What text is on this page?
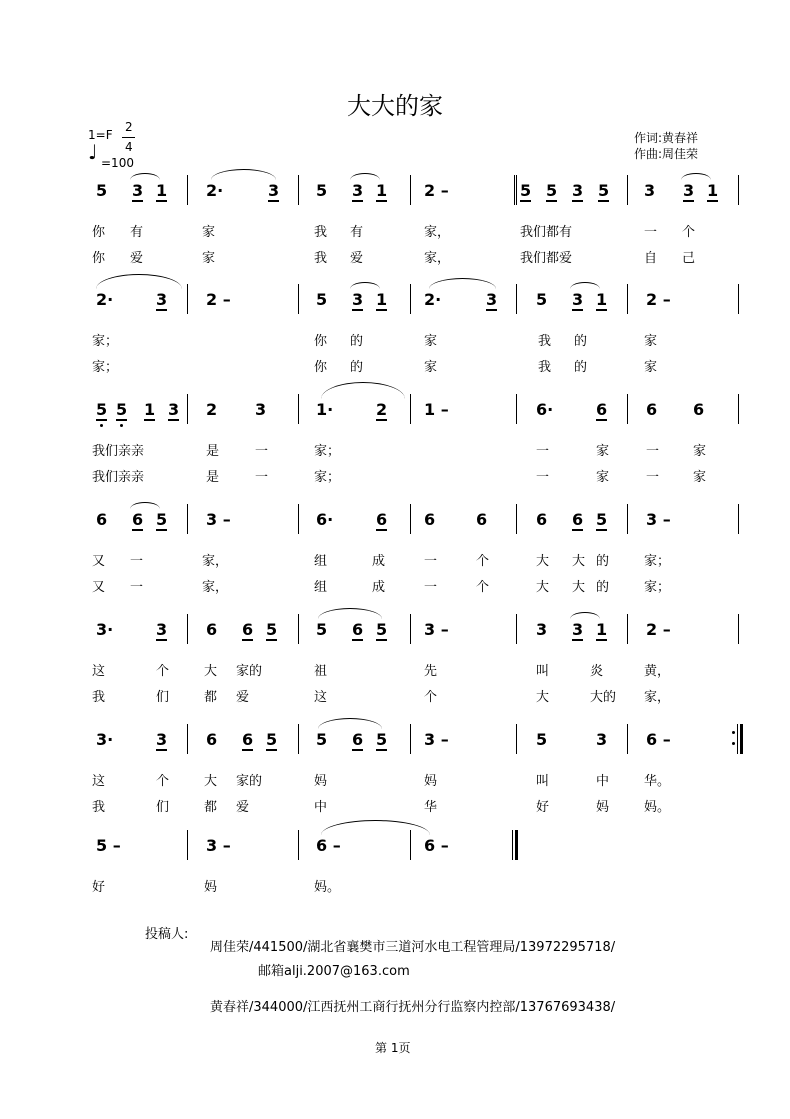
大大的家
1=F
2
4
♩ =100
作词:黄春祥
作曲:周佳荣
5 3 1 2·	3 5 3 1 2 –	5 5 3 5 3 3 1
你 有	家	我 有	家，	我们都有	一 个
你 爱	家	我 爱	家，	我们都爱	自 己
2·	3 2 –	5 3 1 2·	3 5 3 1 2 –
家；	你 的	家	我 的	家
家；	你 的	家	我 的	家
5 5 1 3 2 3	1·	2 1 –	6·	6 6 6
我们亲亲	是	一	家；	一	家	一	家
我们亲亲	是	一	家；	一	家	一	家
6 6 5 3 –	6·	6 6	6	6 6 5 3 –
又 一	家，	组	成	一	个	大 大 的	家；
又 一	家，	组	成	一	个	大 大 的	家；
3·	3 6 6 5 5 6 5 3 –	3 3 1 2 –
这	个	大 家的	祖	先	叫	炎	黄，
我	们	都 爱	这	个	大	大的 家，
3·	3 6 6 5 5 6 5 3 –	5	3 6 –
这	个	大 家的	妈	妈	叫	中	华。
我	们	都 爱	中	华	好	妈	妈。
5 –	3 –	6 –	6 –
好	妈	妈。
投稿人:
周佳荣/441500/湖北省襄樊市三道河水电工程管理局/13972295718/
邮箱alji.2007@163.com
黄春祥/344000/江西抚州工商行抚州分行监察内控部/13767693438/
第 1页
